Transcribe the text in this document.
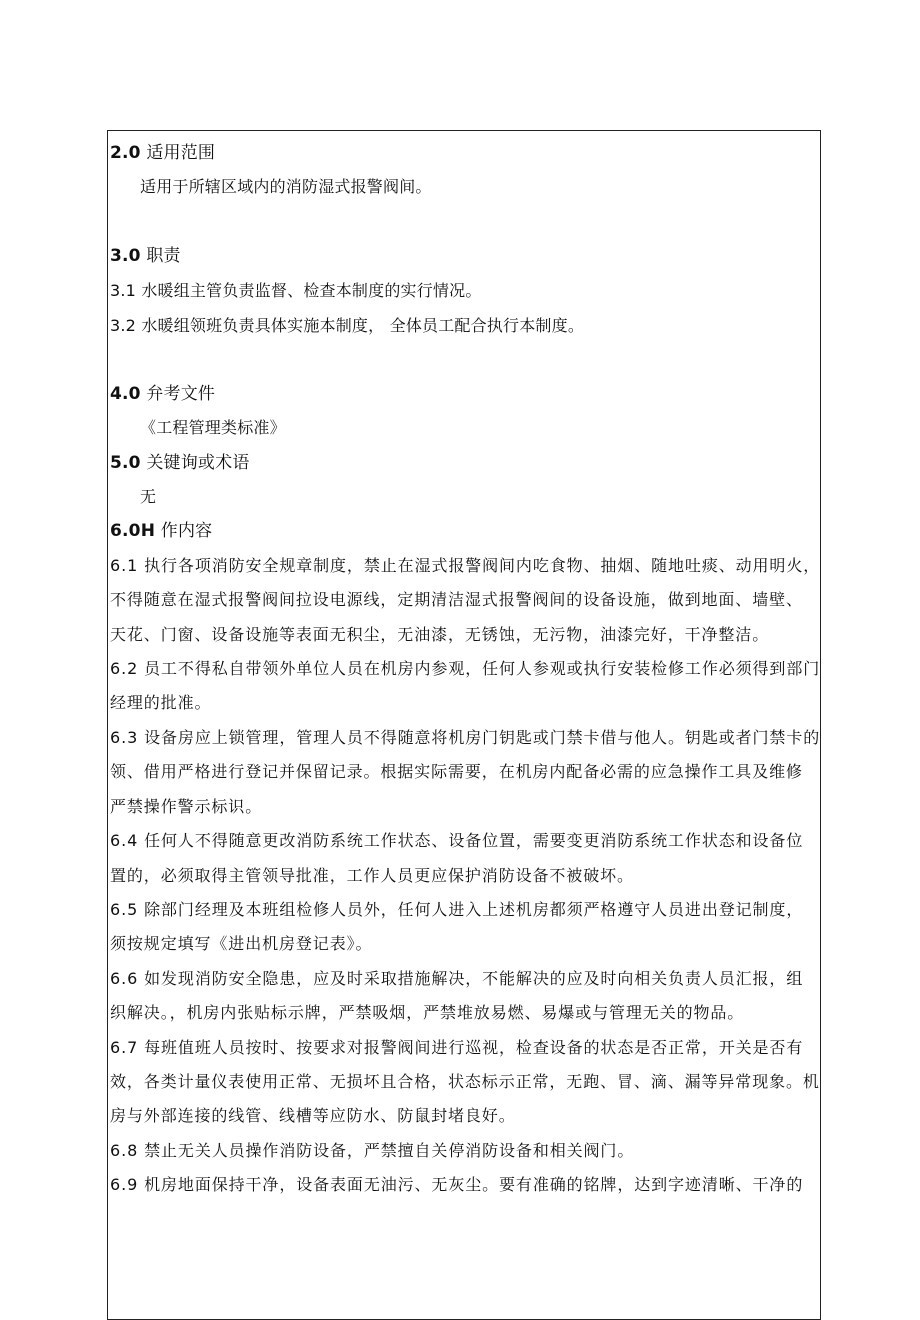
2.0 适用范围
适用于所辖区域内的消防湿式报警阀间。
3.0 职责
3.1 水暖组主管负责监督、检查本制度的实行情况。
3.2 水暖组领班负责具体实施本制度， 全体员工配合执行本制度。
4.0 弁考文件
《工程管理类标准》
5.0 关键询或术语
无
6.0H 作内容
6.1 执行各项消防安全规章制度，禁止在湿式报警阀间内吃食物、抽烟、随地吐痰、动用明火，
不得随意在湿式报警阀间拉设电源线，定期清洁湿式报警阀间的设备设施，做到地面、墙壁、
天花、门窗、设备设施等表面无积尘，无油漆，无锈蚀，无污物，油漆完好，干净整洁。
6.2 员工不得私自带领外单位人员在机房内参观，任何人参观或执行安装检修工作必须得到部门
经理的批准。
6.3 设备房应上锁管理，管理人员不得随意将机房门钥匙或门禁卡借与他人。钥匙或者门禁卡的
领、借用严格进行登记并保留记录。根据实际需要，在机房内配备必需的应急操作工具及维修
严禁操作警示标识。
6.4 任何人不得随意更改消防系统工作状态、设备位置，需要变更消防系统工作状态和设备位
置的，必须取得主管领导批准，工作人员更应保护消防设备不被破坏。
6.5 除部门经理及本班组检修人员外，任何人进入上述机房都须严格遵守人员进出登记制度，
须按规定填写《进出机房登记表》。
6.6 如发现消防安全隐患，应及时采取措施解决，不能解决的应及时向相关负责人员汇报，组
织解决。，机房内张贴标示牌，严禁吸烟，严禁堆放易燃、易爆或与管理无关的物品。
6.7 每班值班人员按时、按要求对报警阀间进行巡视，检查设备的状态是否正常，开关是否有
效，各类计量仪表使用正常、无损坏且合格，状态标示正常，无跑、冒、滴、漏等异常现象。机
房与外部连接的线管、线槽等应防水、防鼠封堵良好。
6.8 禁止无关人员操作消防设备，严禁擅自关停消防设备和相关阀门。
6.9 机房地面保持干净，设备表面无油污、无灰尘。要有准确的铭牌，达到字迹清晰、干净的
